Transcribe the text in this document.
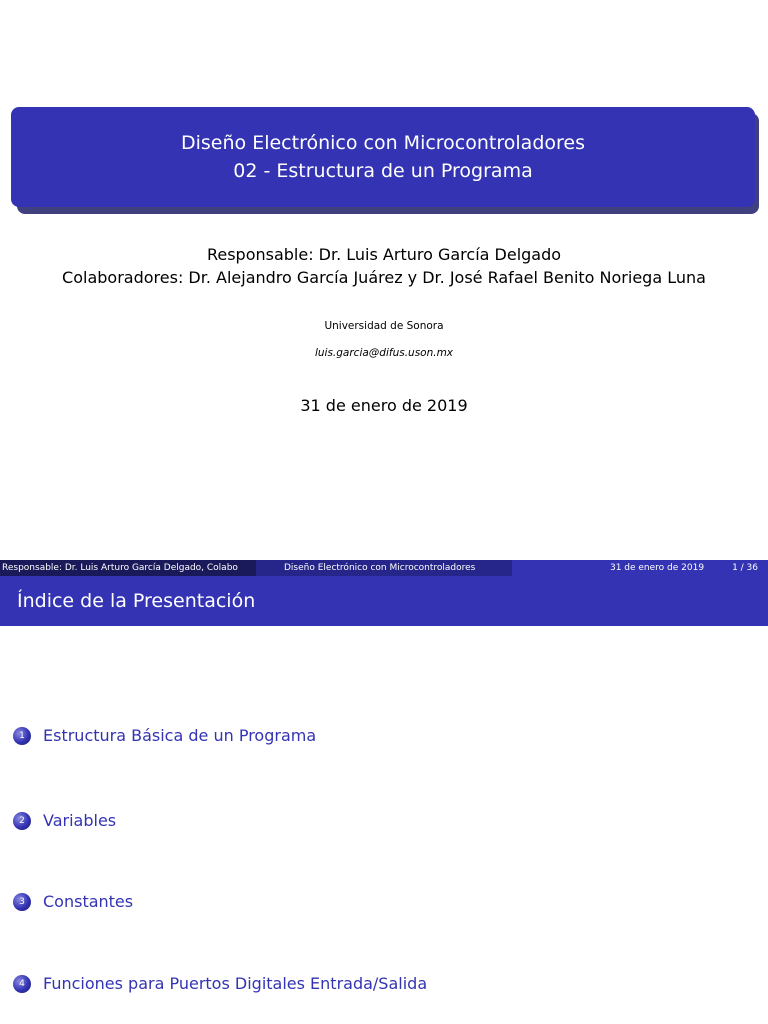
Diseño Electrónico con Microcontroladores
02 - Estructura de un Programa
Responsable: Dr. Luis Arturo García Delgado
Colaboradores: Dr. Alejandro García Juárez y Dr. José Rafael Benito Noriega Luna
Universidad de Sonora
luis.garcia@difus.uson.mx
31 de enero de 2019
Responsable: Dr. Luis Arturo García Delgado, Colabo	Diseño Electrónico con Microcontroladores	31 de enero de 2019	1 / 36
Índice de la Presentación
1	Estructura Básica de un Programa
2	Variables
3	Constantes
4	Funciones para Puertos Digitales Entrada/Salida
